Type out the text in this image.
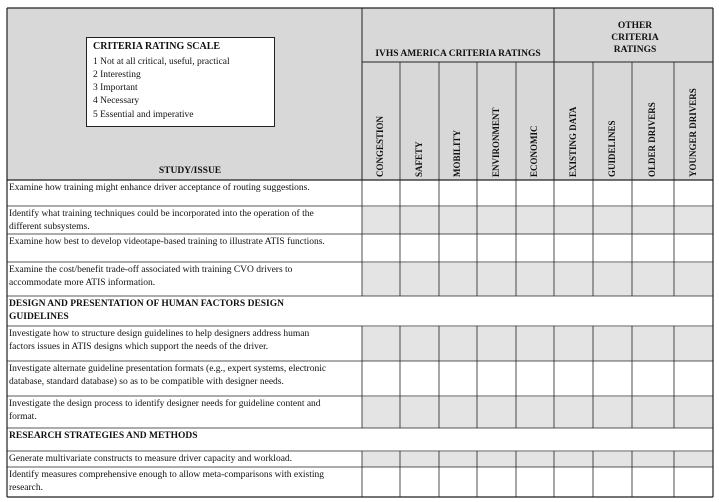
CRITERIA RATING SCALE
1 Not at all critical, useful, practical
2 Interesting
3 Important
4 Necessary
5 Essential and imperative
STUDY/ISSUE
IVHS AMERICA CRITERIA RATINGS
OTHER
CRITERIA
RATINGS
CONGESTION	SAFETY	MOBILITY	ENVIRONMENT	ECONOMIC	EXISTING DATA	GUIDELINES	OLDER DRIVERS	YOUNGER DRIVERS
Examine how training might enhance driver acceptance of routing suggestions.
Identify what training techniques could be incorporated into the operation of the
different subsystems.
Examine how best to develop videotape-based training to illustrate ATIS functions.
Examine the cost/benefit trade-off associated with training CVO drivers to
accommodate more ATIS information.
DESIGN AND PRESENTATION OF HUMAN FACTORS DESIGN
GUIDELINES
Investigate how to structure design guidelines to help designers address human
factors issues in ATIS designs which support the needs of the driver.
Investigate alternate guideline presentation formats (e.g., expert systems, electronic
database, standard database) so as to be compatible with designer needs.
Investigate the design process to identify designer needs for guideline content and
format.
RESEARCH STRATEGIES AND METHODS
Generate multivariate constructs to measure driver capacity and workload.
Identify measures comprehensive enough to allow meta-comparisons with existing
research.
